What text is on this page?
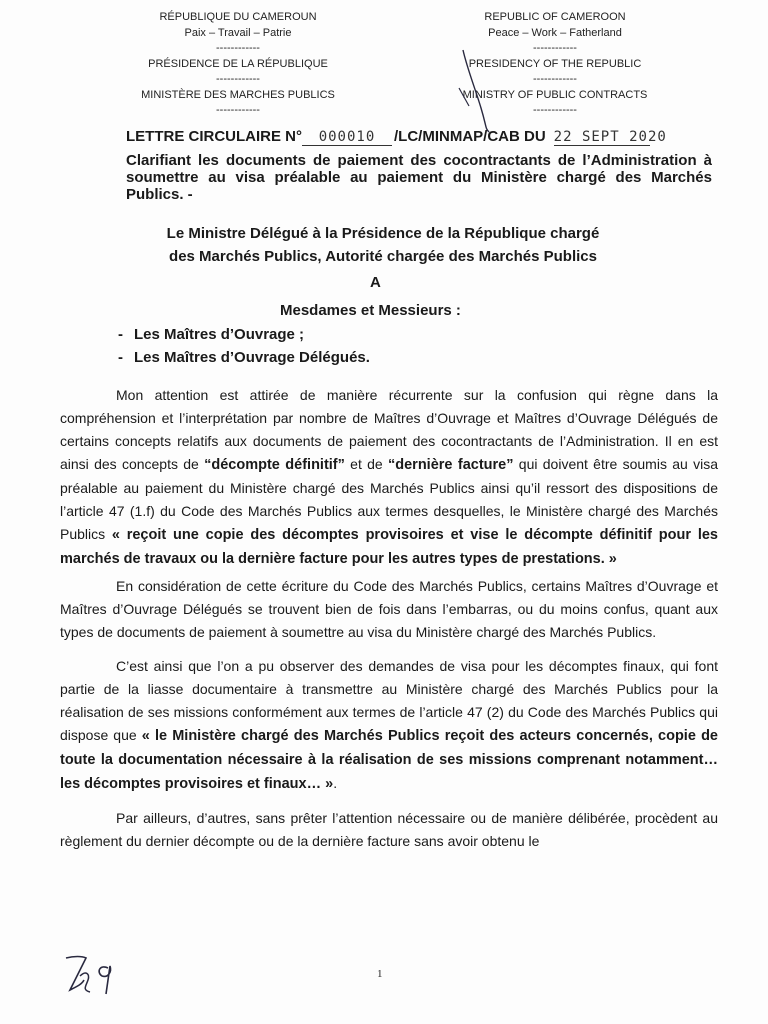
RÉPUBLIQUE DU CAMEROUN
Paix – Travail – Patrie
------------
PRÉSIDENCE DE LA RÉPUBLIQUE
------------
MINISTÈRE DES MARCHES PUBLICS
------------
REPUBLIC OF CAMEROON
Peace – Work – Fatherland
------------
PRESIDENCY OF THE REPUBLIC
------------
MINISTRY OF PUBLIC CONTRACTS
------------
LETTRE CIRCULAIRE N°	000010	/LC/MINMAP/CAB DU 22 SEPT 2020
Clarifiant les documents de paiement des cocontractants de l’Administration à soumettre au visa préalable au paiement du Ministère chargé des Marchés Publics. -
Le Ministre Délégué à la Présidence de la République chargé
des Marchés Publics, Autorité chargée des Marchés Publics
A
Mesdames et Messieurs :
- Les Maîtres d’Ouvrage ;
- Les Maîtres d’Ouvrage Délégués.

Mon attention est attirée de manière récurrente sur la confusion qui règne dans la compréhension et l’interprétation par nombre de Maîtres d’Ouvrage et Maîtres d’Ouvrage Délégués de certains concepts relatifs aux documents de paiement des cocontractants de l’Administration. Il en est ainsi des concepts de “décompte définitif” et de “dernière facture” qui doivent être soumis au visa préalable au paiement du Ministère chargé des Marchés Publics ainsi qu’il ressort des dispositions de l’article 47 (1.f) du Code des Marchés Publics aux termes desquelles, le Ministère chargé des Marchés Publics « reçoit une copie des décomptes provisoires et vise le décompte définitif pour les marchés de travaux ou la dernière facture pour les autres types de prestations. »

En considération de cette écriture du Code des Marchés Publics, certains Maîtres d’Ouvrage et Maîtres d’Ouvrage Délégués se trouvent bien de fois dans l’embarras, ou du moins confus, quant aux types de documents de paiement à soumettre au visa du Ministère chargé des Marchés Publics.

C’est ainsi que l’on a pu observer des demandes de visa pour les décomptes finaux, qui font partie de la liasse documentaire à transmettre au Ministère chargé des Marchés Publics pour la réalisation de ses missions conformément aux termes de l’article 47 (2) du Code des Marchés Publics qui dispose que « le Ministère chargé des Marchés Publics reçoit des acteurs concernés, copie de toute la documentation nécessaire à la réalisation de ses missions comprenant notamment…les décomptes provisoires et finaux… ».

Par ailleurs, d’autres, sans prêter l’attention nécessaire ou de manière délibérée, procèdent au règlement du dernier décompte ou de la dernière facture sans avoir obtenu le

1
